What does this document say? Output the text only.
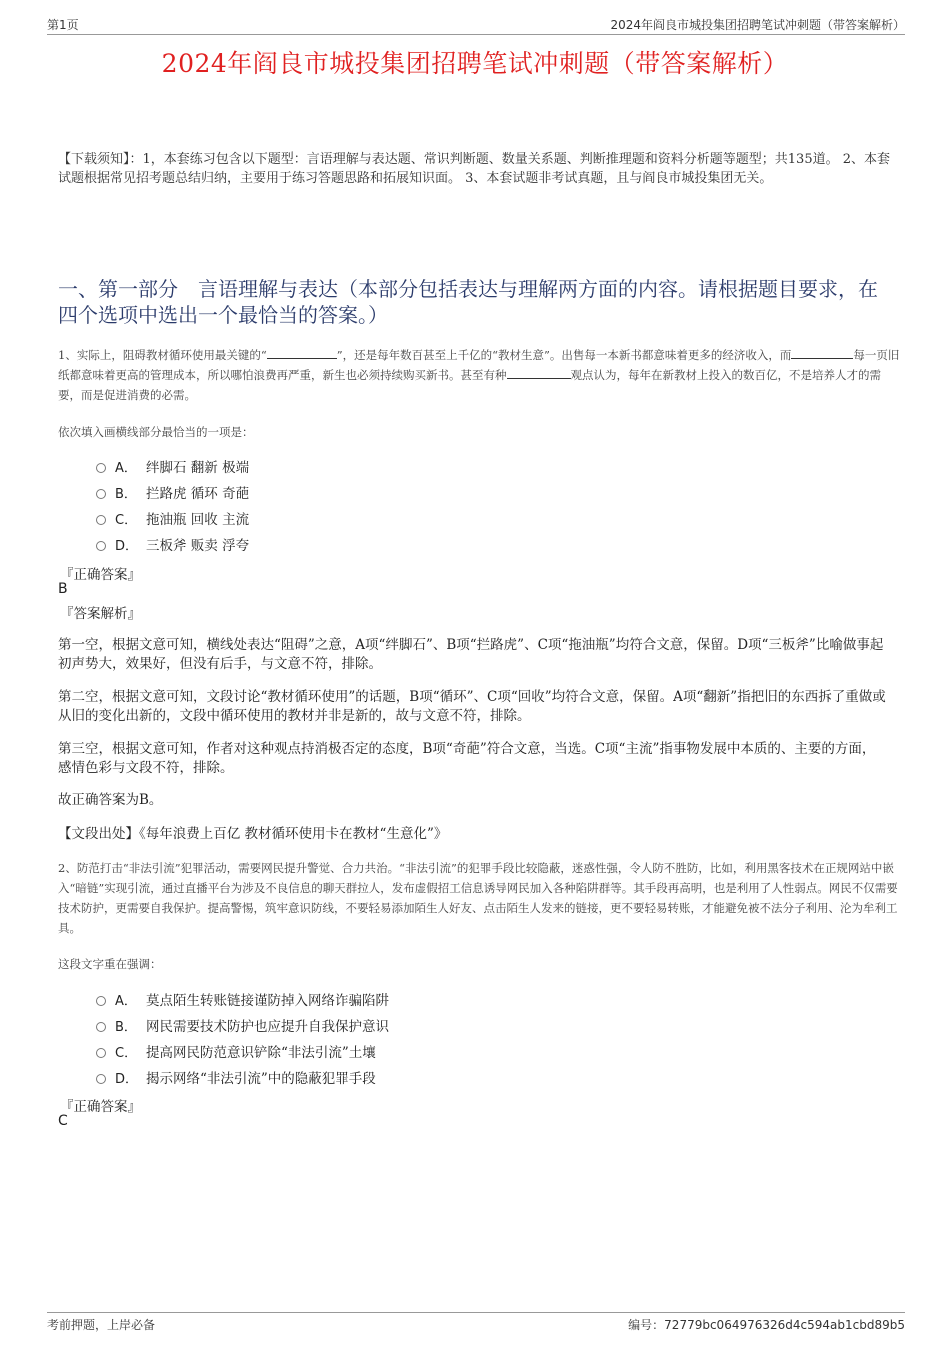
第1页	2024年阎良市城投集团招聘笔试冲刺题（带答案解析）
2024年阎良市城投集团招聘笔试冲刺题（带答案解析）
【下载须知】：1，本套练习包含以下题型：言语理解与表达题、常识判断题、数量关系题、判断推理题和资料分析题等题型；共135道。 2、本套试题根据常见招考题总结归纳，主要用于练习答题思路和拓展知识面。 3、本套试题非考试真题，且与阎良市城投集团无关。
一、第一部分　言语理解与表达（本部分包括表达与理解两方面的内容。请根据题目要求，在四个选项中选出一个最恰当的答案。）
1、实际上，阻碍教材循环使用最关键的“	”，还是每年数百甚至上千亿的“教材生意”。出售每一本新书都意味着更多的经济收入，而	每一页旧纸都意味着更高的管理成本，所以哪怕浪费再严重，新生也必须持续购买新书。甚至有种	观点认为，每年在新教材上投入的数百亿，不是培养人才的需要，而是促进消费的必需。
依次填入画横线部分最恰当的一项是：
A． 绊脚石 翻新 极端
B． 拦路虎 循环 奇葩
C． 拖油瓶 回收 主流
D． 三板斧 贩卖 浮夸
『正确答案』
B
『答案解析』
第一空，根据文意可知，横线处表达“阻碍”之意，A项“绊脚石”、B项“拦路虎”、C项“拖油瓶”均符合文意，保留。D项“三板斧”比喻做事起初声势大，效果好，但没有后手，与文意不符，排除。
第二空，根据文意可知，文段讨论“教材循环使用”的话题，B项“循环”、C项“回收”均符合文意，保留。A项“翻新”指把旧的东西拆了重做或从旧的变化出新的，文段中循环使用的教材并非是新的，故与文意不符，排除。
第三空，根据文意可知，作者对这种观点持消极否定的态度，B项“奇葩”符合文意，当选。C项“主流”指事物发展中本质的、主要的方面，感情色彩与文段不符，排除。
故正确答案为B。
【文段出处】《每年浪费上百亿 教材循环使用卡在教材“生意化”》
2、防范打击“非法引流”犯罪活动，需要网民提升警觉、合力共治。“非法引流”的犯罪手段比较隐蔽，迷惑性强，令人防不胜防，比如，利用黑客技术在正规网站中嵌入“暗链”实现引流，通过直播平台为涉及不良信息的聊天群拉人，发布虚假招工信息诱导网民加入各种陷阱群等。其手段再高明，也是利用了人性弱点。网民不仅需要技术防护，更需要自我保护。提高警惕，筑牢意识防线，不要轻易添加陌生人好友、点击陌生人发来的链接，更不要轻易转账，才能避免被不法分子利用、沦为牟利工具。
这段文字重在强调：
A． 莫点陌生转账链接谨防掉入网络诈骗陷阱
B． 网民需要技术防护也应提升自我保护意识
C． 提高网民防范意识铲除“非法引流”土壤
D． 揭示网络“非法引流”中的隐蔽犯罪手段
『正确答案』
C
考前押题，上岸必备	编号：72779bc064976326d4c594ab1cbd89b5
